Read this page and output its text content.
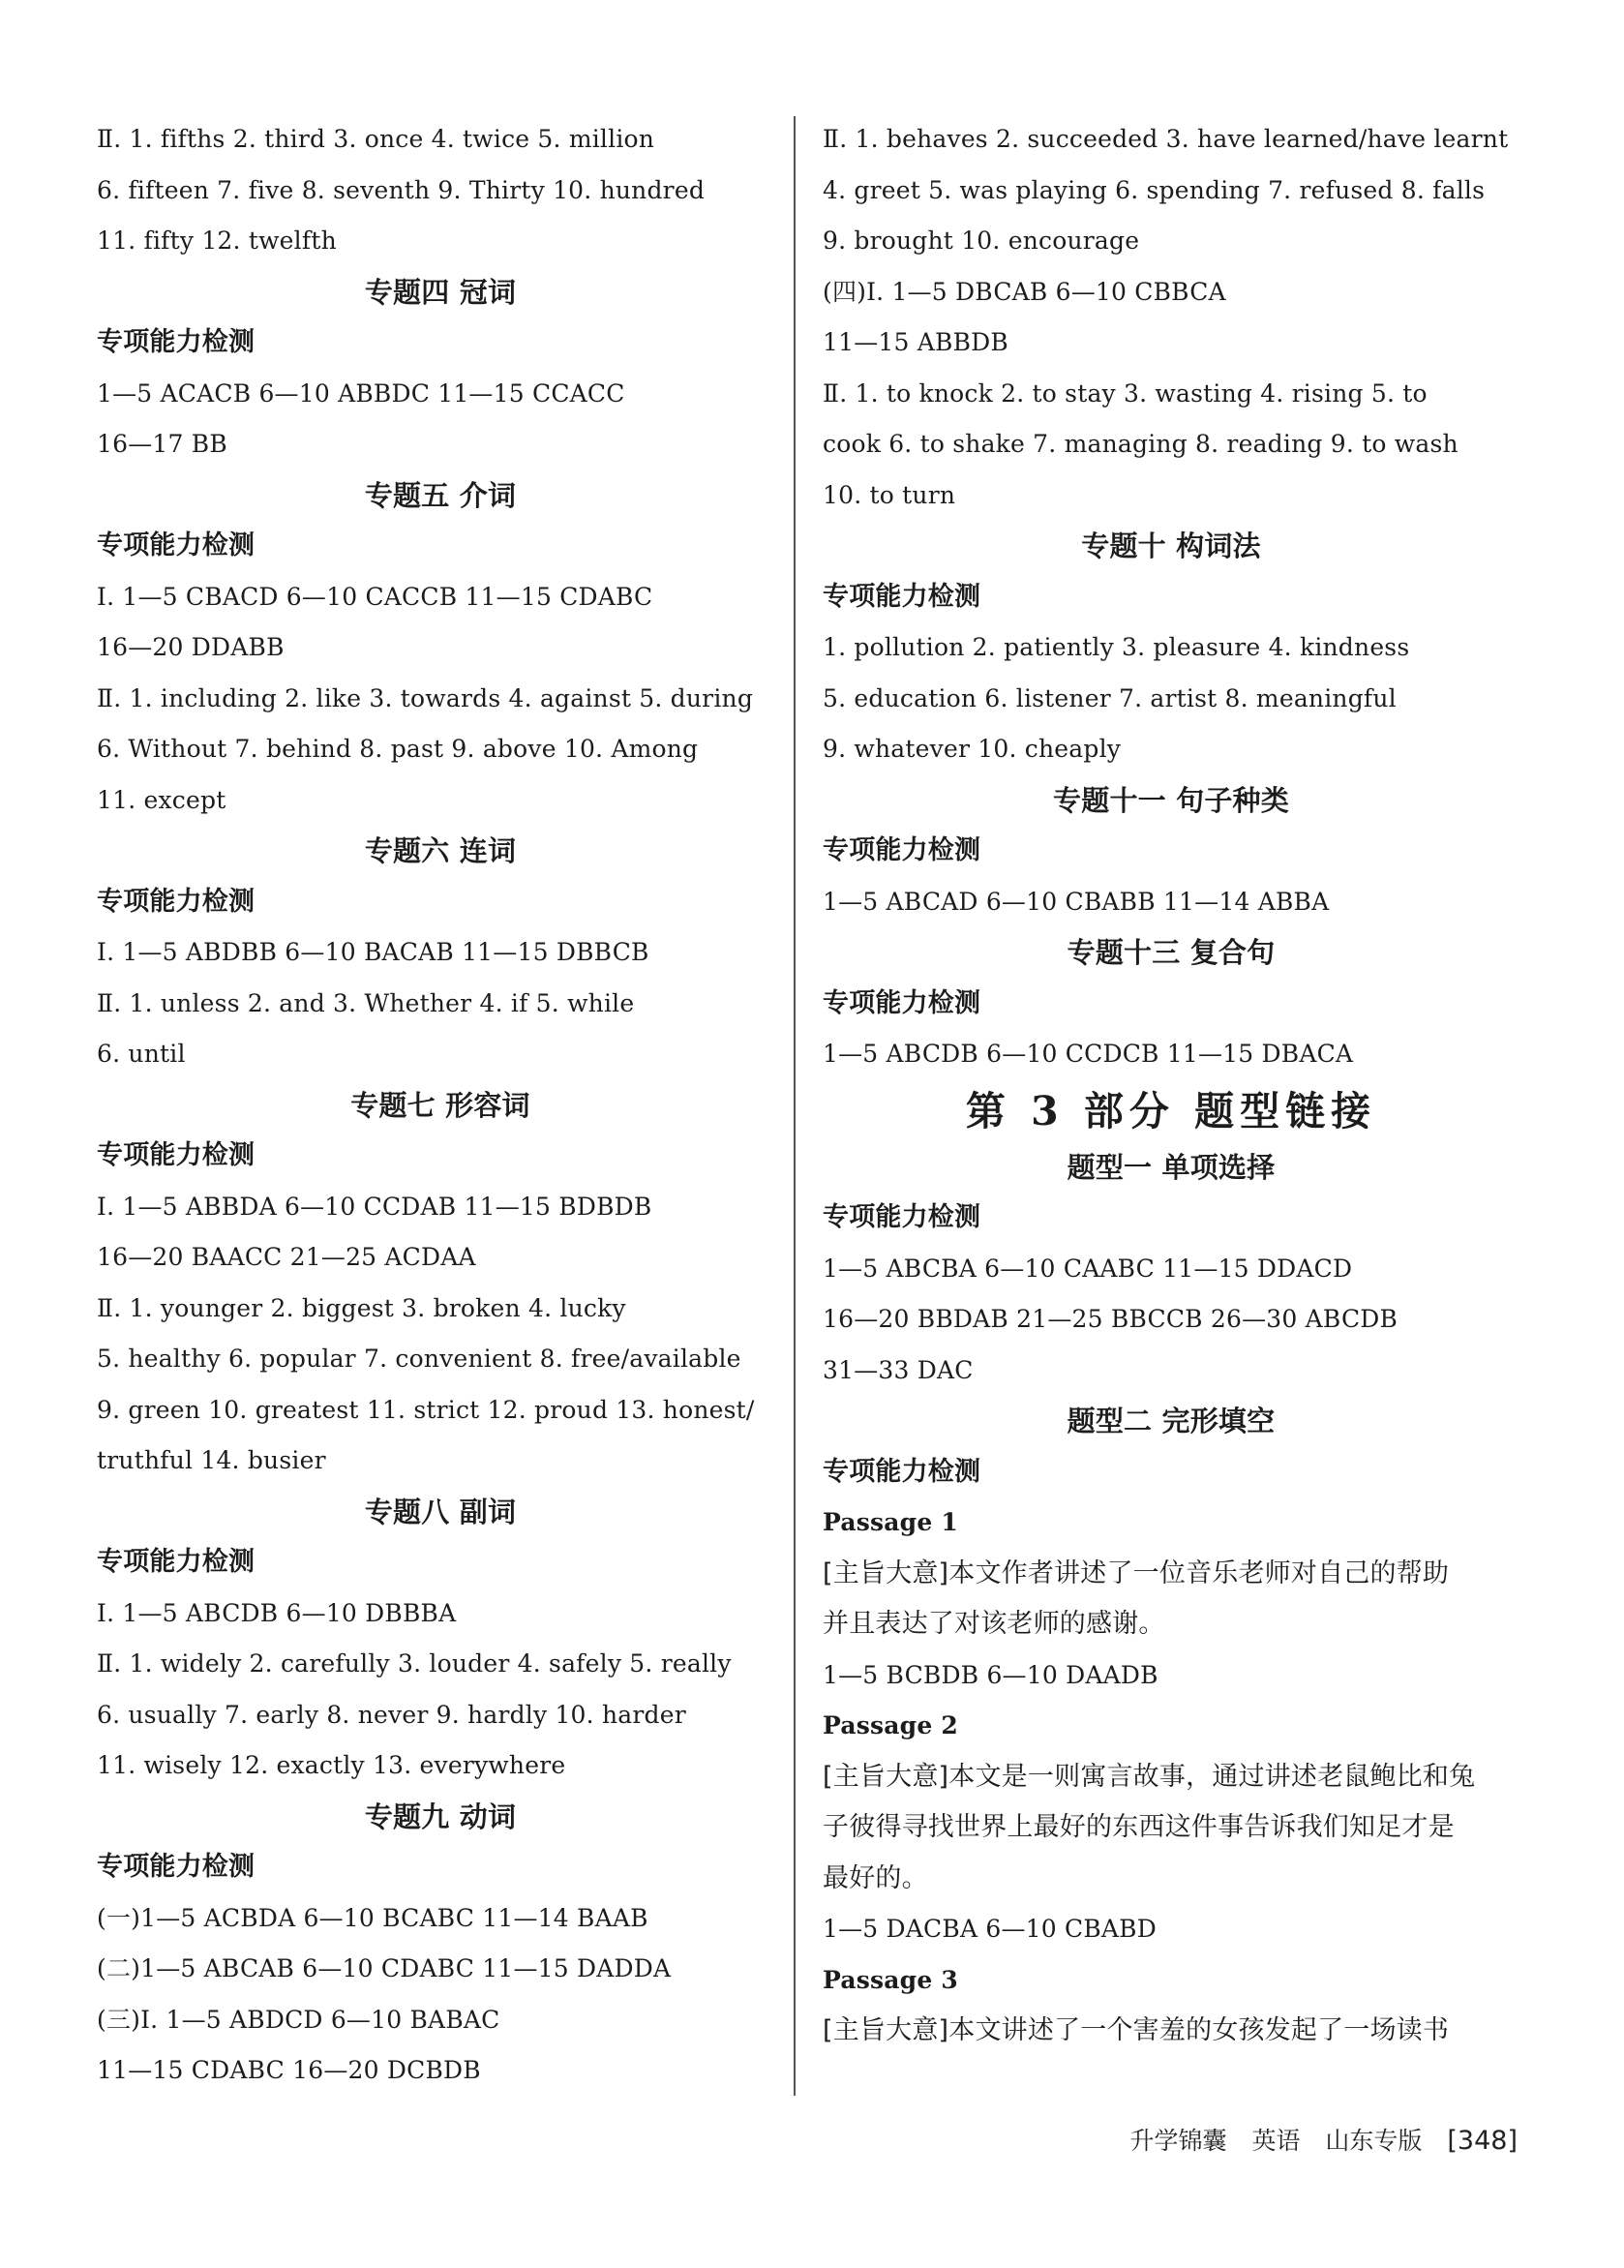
Ⅱ. 1. fifths 2. third 3. once 4. twice 5. million
6. fifteen 7. five 8. seventh 9. Thirty 10. hundred
11. fifty 12. twelfth
专题四 冠词
专项能力检测
1—5 ACACB 6—10 ABBDC 11—15 CCACC
16—17 BB
专题五 介词
专项能力检测
Ⅰ. 1—5 CBACD 6—10 CACCB 11—15 CDABC
16—20 DDABB
Ⅱ. 1. including 2. like 3. towards 4. against 5. during
6. Without 7. behind 8. past 9. above 10. Among
11. except
专题六 连词
专项能力检测
Ⅰ. 1—5 ABDBB 6—10 BACAB 11—15 DBBCB
Ⅱ. 1. unless 2. and 3. Whether 4. if 5. while
6. until
专题七 形容词
专项能力检测
Ⅰ. 1—5 ABBDA 6—10 CCDAB 11—15 BDBDB
16—20 BAACC 21—25 ACDAA
Ⅱ. 1. younger 2. biggest 3. broken 4. lucky
5. healthy 6. popular 7. convenient 8. free/available
9. green 10. greatest 11. strict 12. proud 13. honest/
truthful 14. busier
专题八 副词
专项能力检测
Ⅰ. 1—5 ABCDB 6—10 DBBBA
Ⅱ. 1. widely 2. carefully 3. louder 4. safely 5. really
6. usually 7. early 8. never 9. hardly 10. harder
11. wisely 12. exactly 13. everywhere
专题九 动词
专项能力检测
(一)1—5 ACBDA 6—10 BCABC 11—14 BAAB
(二)1—5 ABCAB 6—10 CDABC 11—15 DADDA
(三)Ⅰ. 1—5 ABDCD 6—10 BABAC
11—15 CDABC 16—20 DCBDB
Ⅱ. 1. behaves 2. succeeded 3. have learned/have learnt
4. greet 5. was playing 6. spending 7. refused 8. falls
9. brought 10. encourage
(四)Ⅰ. 1—5 DBCAB 6—10 CBBCA
11—15 ABBDB
Ⅱ. 1. to knock 2. to stay 3. wasting 4. rising 5. to
cook 6. to shake 7. managing 8. reading 9. to wash
10. to turn
专题十 构词法
专项能力检测
1. pollution 2. patiently 3. pleasure 4. kindness
5. education 6. listener 7. artist 8. meaningful
9. whatever 10. cheaply
专题十一 句子种类
专项能力检测
1—5 ABCAD 6—10 CBABB 11—14 ABBA
专题十三 复合句
专项能力检测
1—5 ABCDB 6—10 CCDCB 11—15 DBACA
第 3 部分 题型链接
题型一 单项选择
专项能力检测
1—5 ABCBA 6—10 CAABC 11—15 DDACD
16—20 BBDAB 21—25 BBCCB 26—30 ABCDB
31—33 DAC
题型二 完形填空
专项能力检测
Passage 1
[主旨大意]本文作者讲述了一位音乐老师对自己的帮助
并且表达了对该老师的感谢。
1—5 BCBDB 6—10 DAADB
Passage 2
[主旨大意]本文是一则寓言故事，通过讲述老鼠鲍比和兔
子彼得寻找世界上最好的东西这件事告诉我们知足才是
最好的。
1—5 DACBA 6—10 CBABD
Passage 3
[主旨大意]本文讲述了一个害羞的女孩发起了一场读书
升学锦囊 英语 山东专版 [348]
